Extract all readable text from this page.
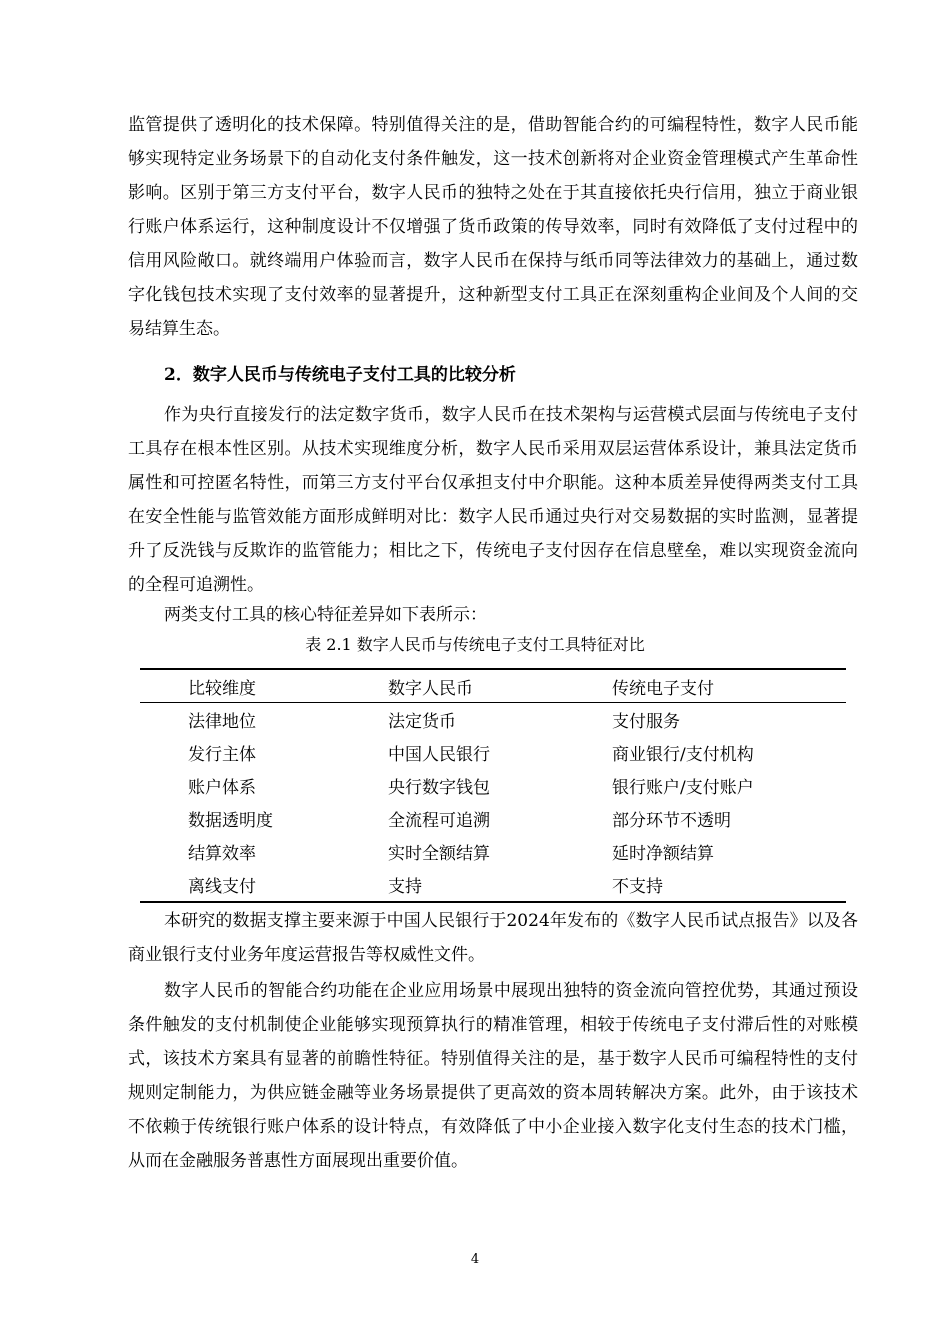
监管提供了透明化的技术保障。特别值得关注的是，借助智能合约的可编程特性，数字人民币能够实现特定业务场景下的自动化支付条件触发，这一技术创新将对企业资金管理模式产生革命性影响。区别于第三方支付平台，数字人民币的独特之处在于其直接依托央行信用，独立于商业银行账户体系运行，这种制度设计不仅增强了货币政策的传导效率，同时有效降低了支付过程中的信用风险敞口。就终端用户体验而言，数字人民币在保持与纸币同等法律效力的基础上，通过数字化钱包技术实现了支付效率的显著提升，这种新型支付工具正在深刻重构企业间及个人间的交易结算生态。

2．数字人民币与传统电子支付工具的比较分析

作为央行直接发行的法定数字货币，数字人民币在技术架构与运营模式层面与传统电子支付工具存在根本性区别。从技术实现维度分析，数字人民币采用双层运营体系设计，兼具法定货币属性和可控匿名特性，而第三方支付平台仅承担支付中介职能。这种本质差异使得两类支付工具在安全性能与监管效能方面形成鲜明对比：数字人民币通过央行对交易数据的实时监测，显著提升了反洗钱与反欺诈的监管能力；相比之下，传统电子支付因存在信息壁垒，难以实现资金流向的全程可追溯性。

两类支付工具的核心特征差异如下表所示：

表 2.1 数字人民币与传统电子支付工具特征对比

比较维度	数字人民币	传统电子支付
法律地位	法定货币	支付服务
发行主体	中国人民银行	商业银行/支付机构
账户体系	央行数字钱包	银行账户/支付账户
数据透明度	全流程可追溯	部分环节不透明
结算效率	实时全额结算	延时净额结算
离线支付	支持	不支持

本研究的数据支撑主要来源于中国人民银行于2024年发布的《数字人民币试点报告》以及各商业银行支付业务年度运营报告等权威性文件。

数字人民币的智能合约功能在企业应用场景中展现出独特的资金流向管控优势，其通过预设条件触发的支付机制使企业能够实现预算执行的精准管理，相较于传统电子支付滞后性的对账模式，该技术方案具有显著的前瞻性特征。特别值得关注的是，基于数字人民币可编程特性的支付规则定制能力，为供应链金融等业务场景提供了更高效的资本周转解决方案。此外，由于该技术不依赖于传统银行账户体系的设计特点，有效降低了中小企业接入数字化支付生态的技术门槛，从而在金融服务普惠性方面展现出重要价值。

4
